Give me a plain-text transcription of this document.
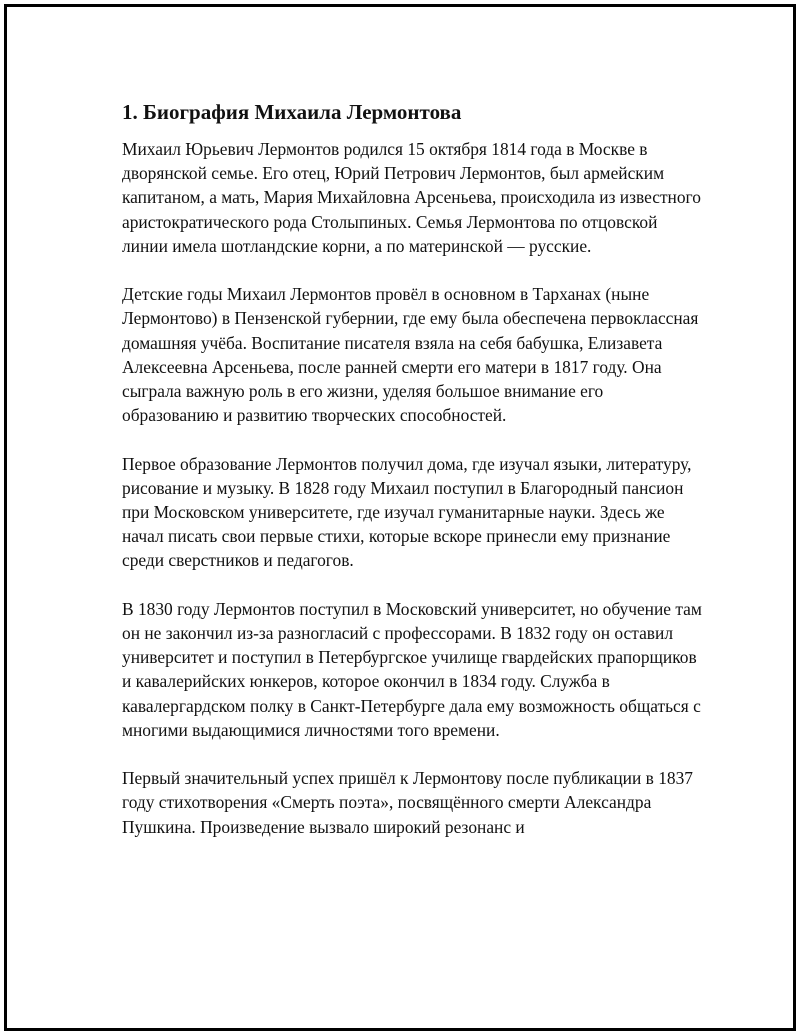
1. Биография Михаила Лермонтова

Михаил Юрьевич Лермонтов родился 15 октября 1814 года в Москве в дворянской семье. Его отец, Юрий Петрович Лермонтов, был армейским капитаном, а мать, Мария Михайловна Арсеньева, происходила из известного аристократического рода Столыпиных. Семья Лермонтова по отцовской линии имела шотландские корни, а по материнской — русские.

Детские годы Михаил Лермонтов провёл в основном в Тарханах (ныне Лермонтово) в Пензенской губернии, где ему была обеспечена первоклассная домашняя учёба. Воспитание писателя взяла на себя бабушка, Елизавета Алексеевна Арсеньева, после ранней смерти его матери в 1817 году. Она сыграла важную роль в его жизни, уделяя большое внимание его образованию и развитию творческих способностей.

Первое образование Лермонтов получил дома, где изучал языки, литературу, рисование и музыку. В 1828 году Михаил поступил в Благородный пансион при Московском университете, где изучал гуманитарные науки. Здесь же начал писать свои первые стихи, которые вскоре принесли ему признание среди сверстников и педагогов.

В 1830 году Лермонтов поступил в Московский университет, но обучение там он не закончил из-за разногласий с профессорами. В 1832 году он оставил университет и поступил в Петербургское училище гвардейских прапорщиков и кавалерийских юнкеров, которое окончил в 1834 году. Служба в кавалергардском полку в Санкт-Петербурге дала ему возможность общаться с многими выдающимися личностями того времени.

Первый значительный успех пришёл к Лермонтову после публикации в 1837 году стихотворения «Смерть поэта», посвящённого смерти Александра Пушкина. Произведение вызвало широкий резонанс и
